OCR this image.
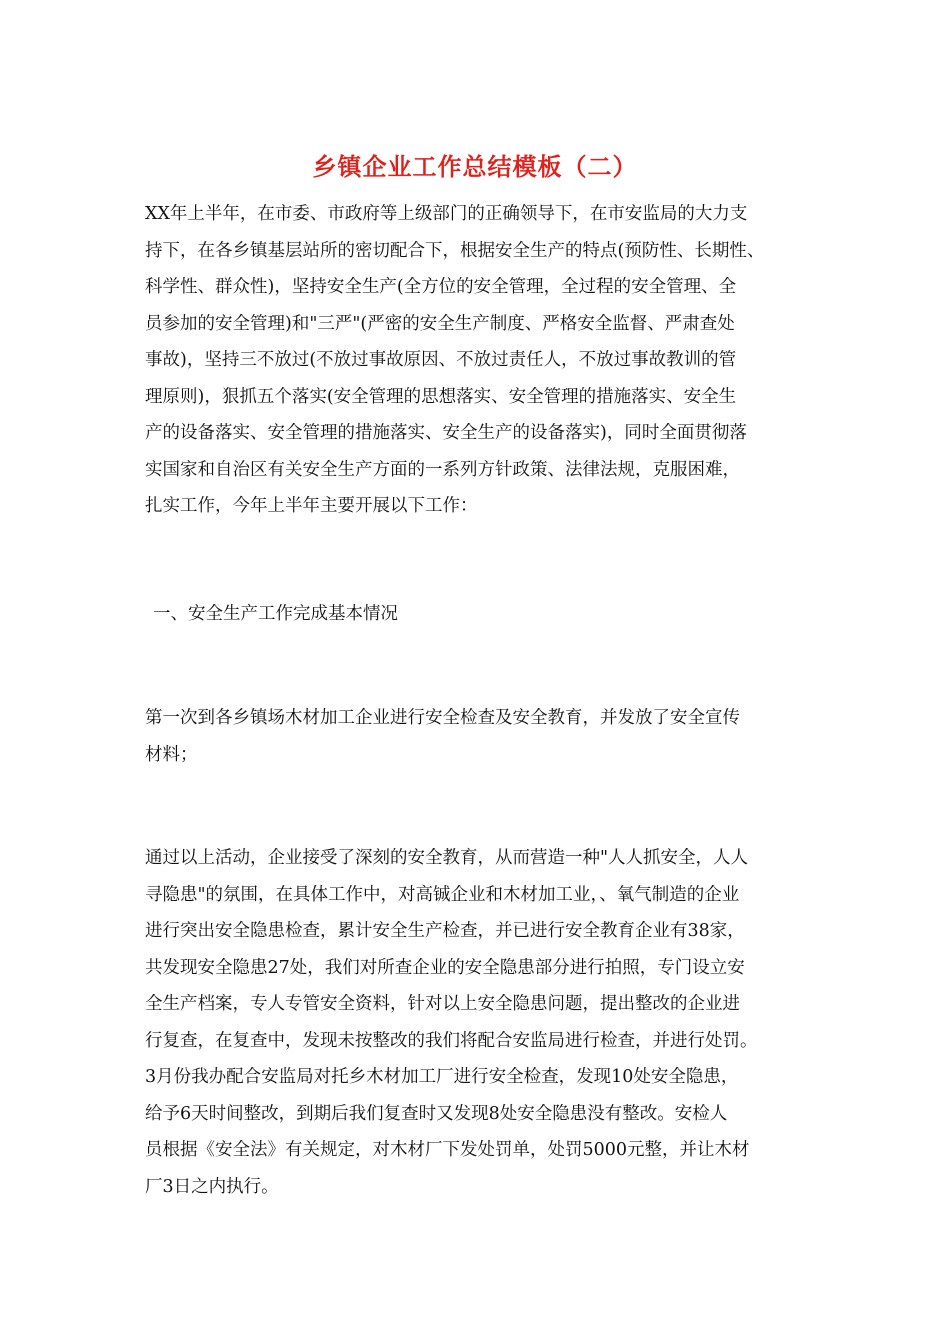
乡镇企业工作总结模板（二）

XX年上半年，在市委、市政府等上级部门的正确领导下，在市安监局的大力支
持下，在各乡镇基层站所的密切配合下，根据安全生产的特点(预防性、长期性、
科学性、群众性)，坚持安全生产(全方位的安全管理，全过程的安全管理、全
员参加的安全管理)和"三严"(严密的安全生产制度、严格安全监督、严肃查处
事故)，坚持三不放过(不放过事故原因、不放过责任人，不放过事故教训的管
理原则)，狠抓五个落实(安全管理的思想落实、安全管理的措施落实、安全生
产的设备落实、安全管理的措施落实、安全生产的设备落实)，同时全面贯彻落
实国家和自治区有关安全生产方面的一系列方针政策、法律法规，克服困难，
扎实工作，今年上半年主要开展以下工作：

一、安全生产工作完成基本情况

第一次到各乡镇场木材加工企业进行安全检查及安全教育，并发放了安全宣传
材料；

通过以上活动，企业接受了深刻的安全教育，从而营造一种"人人抓安全，人人
寻隐患"的氛围，在具体工作中，对高铖企业和木材加工业，、氧气制造的企业
进行突出安全隐患检查，累计安全生产检查，并已进行安全教育企业有38家，
共发现安全隐患27处，我们对所查企业的安全隐患部分进行拍照，专门设立安
全生产档案，专人专管安全资料，针对以上安全隐患问题，提出整改的企业进
行复查，在复查中，发现未按整改的我们将配合安监局进行检查，并进行处罚。
3月份我办配合安监局对托乡木材加工厂进行安全检查，发现10处安全隐患，
给予6天时间整改，到期后我们复查时又发现8处安全隐患没有整改。安检人
员根据《安全法》有关规定，对木材厂下发处罚单，处罚5000元整，并让木材
厂3日之内执行。
